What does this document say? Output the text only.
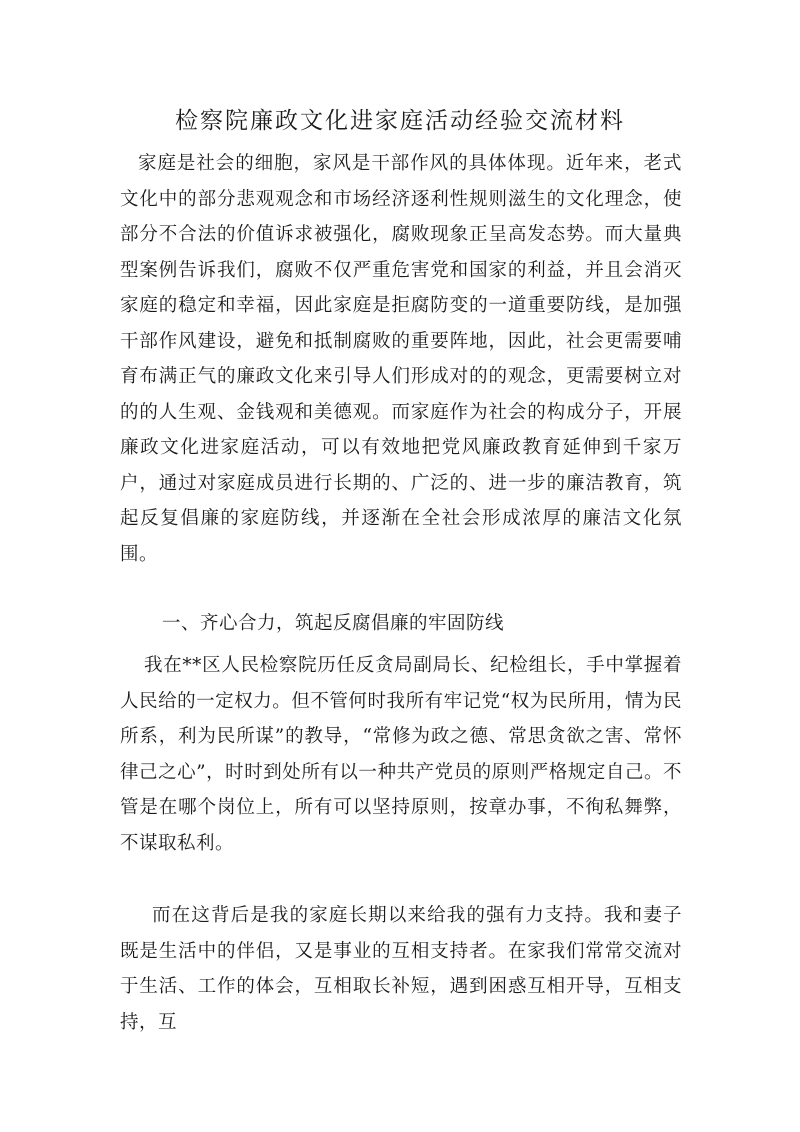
检察院廉政文化进家庭活动经验交流材料

家庭是社会的细胞，家风是干部作风的具体体现。近年来，老式文化中的部分悲观观念和市场经济逐利性规则滋生的文化理念，使部分不合法的价值诉求被强化，腐败现象正呈高发态势。而大量典型案例告诉我们，腐败不仅严重危害党和国家的利益，并且会消灭家庭的稳定和幸福，因此家庭是拒腐防变的一道重要防线，是加强干部作风建设，避免和抵制腐败的重要阵地，因此，社会更需要哺育布满正气的廉政文化来引导人们形成对的的观念，更需要树立对的的人生观、金钱观和美德观。而家庭作为社会的构成分子，开展廉政文化进家庭活动，可以有效地把党风廉政教育延伸到千家万户，通过对家庭成员进行长期的、广泛的、进一步的廉洁教育，筑起反复倡廉的家庭防线，并逐渐在全社会形成浓厚的廉洁文化氛围。

一、齐心合力，筑起反腐倡廉的牢固防线

我在**区人民检察院历任反贪局副局长、纪检组长，手中掌握着人民给的一定权力。但不管何时我所有牢记党“权为民所用，情为民所系，利为民所谋”的教导，“常修为政之德、常思贪欲之害、常怀律己之心”，时时到处所有以一种共产党员的原则严格规定自己。不管是在哪个岗位上，所有可以坚持原则，按章办事，不徇私舞弊，不谋取私利。

而在这背后是我的家庭长期以来给我的强有力支持。我和妻子既是生活中的伴侣，又是事业的互相支持者。在家我们常常交流对于生活、工作的体会，互相取长补短，遇到困惑互相开导，互相支持，互
